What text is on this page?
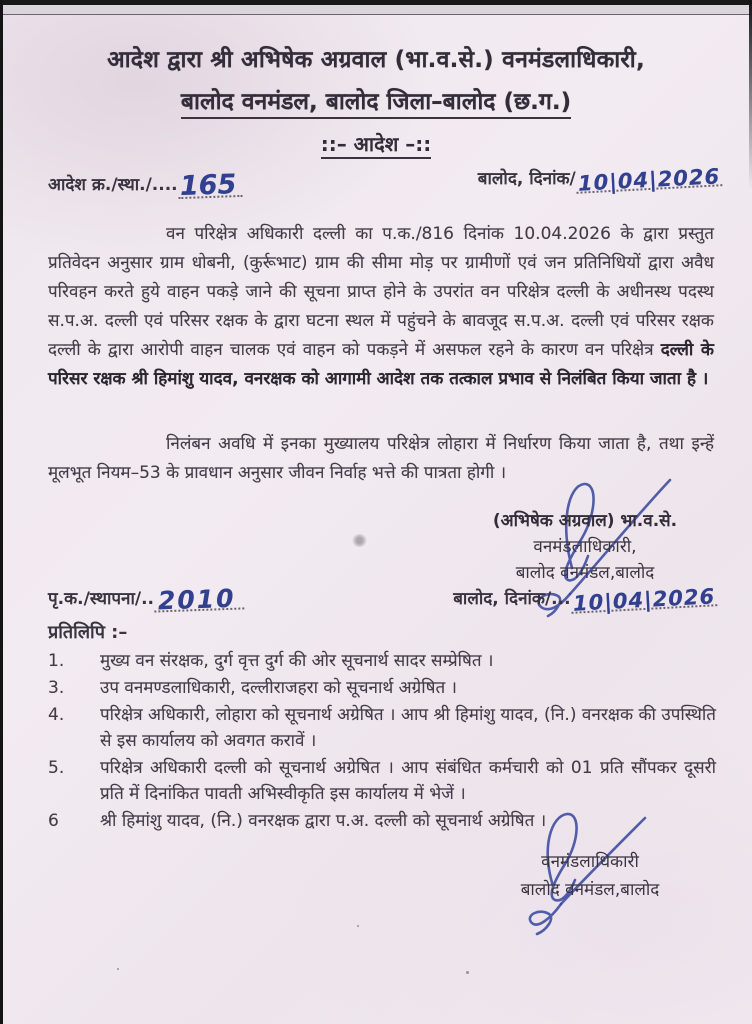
आदेश द्वारा श्री अभिषेक अग्रवाल (भा.व.से.) वनमंडलाधिकारी,
बालोद वनमंडल, बालोद जिला–बालोद (छ.ग.)
::– आदेश –::
आदेश क्र./स्था./....165	बालोद, दिनांक/10|04|2026
वन परिक्षेत्र अधिकारी दल्ली का प.क./816 दिनांक 10.04.2026 के द्वारा प्रस्तुत प्रतिवेदन अनुसार ग्राम धोबनी, (कुर्रूभाट) ग्राम की सीमा मोड़ पर ग्रामीणों एवं जन प्रतिनिधियों द्वारा अवैध परिवहन करते हुये वाहन पकड़े जाने की सूचना प्राप्त होने के उपरांत वन परिक्षेत्र दल्ली के अधीनस्थ पदस्थ स.प.अ. दल्ली एवं परिसर रक्षक के द्वारा घटना स्थल में पहुंचने के बावजूद स.प.अ. दल्ली एवं परिसर रक्षक दल्ली के द्वारा आरोपी वाहन चालक एवं वाहन को पकड़ने में असफल रहने के कारण वन परिक्षेत्र दल्ली के परिसर रक्षक श्री हिमांशु यादव, वनरक्षक को आगामी आदेश तक तत्काल प्रभाव से निलंबित किया जाता है ।
निलंबन अवधि में इनका मुख्यालय परिक्षेत्र लोहारा में निर्धारण किया जाता है, तथा इन्हें मूलभूत नियम–53 के प्रावधान अनुसार जीवन निर्वाह भत्ते की पात्रता होगी ।
(अभिषेक अग्रवाल) भा.व.से.
वनमंडलाधिकारी,
बालोद वनमंडल,बालोद
बालोद, दिनांक/...10|04|2026
पृ.क./स्थापना/.. 2010
प्रतिलिपि :–
1.	मुख्य वन संरक्षक, दुर्ग वृत्त दुर्ग की ओर सूचनार्थ सादर सम्प्रेषित ।
3.	उप वनमण्डलाधिकारी, दल्लीराजहरा को सूचनार्थ अग्रेषित ।
4.	परिक्षेत्र अधिकारी, लोहारा को सूचनार्थ अग्रेषित । आप श्री हिमांशु यादव, (नि.) वनरक्षक की उपस्थिति से इस कार्यालय को अवगत करावें ।
5.	परिक्षेत्र अधिकारी दल्ली को सूचनार्थ अग्रेषित । आप संबंधित कर्मचारी को 01 प्रति सौंपकर दूसरी प्रति में दिनांकित पावती अभिस्वीकृति इस कार्यालय में भेजें ।
6	श्री हिमांशु यादव, (नि.) वनरक्षक द्वारा प.अ. दल्ली को सूचनार्थ अग्रेषित ।
वनमंडलाधिकारी
बालोद वनमंडल,बालोद
